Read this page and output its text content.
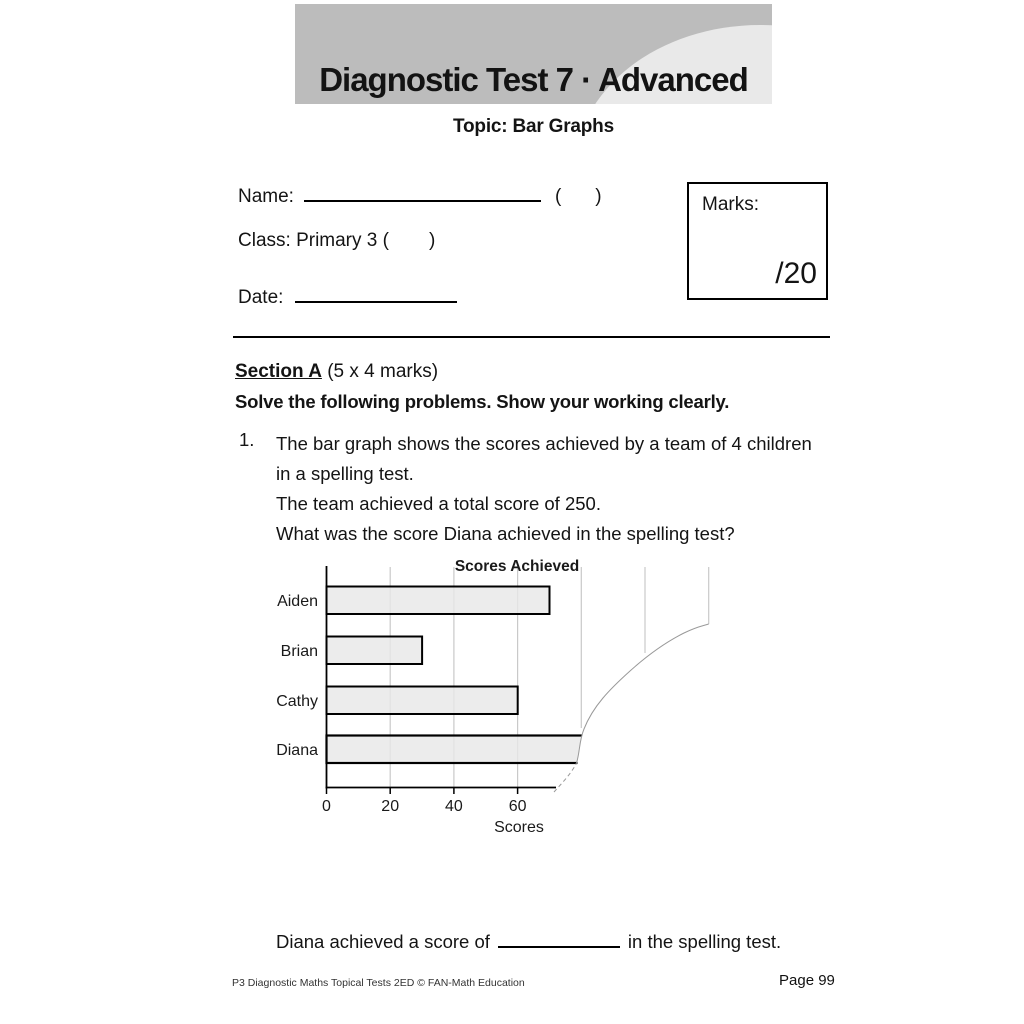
Diagnostic Test 7 · Advanced
Topic: Bar Graphs
Name:	( )	Marks:
/20
Class: Primary 3 ( )
Date:
Section A (5 x 4 marks)
Solve the following problems. Show your working clearly.
1. The bar graph shows the scores achieved by a team of 4 children
in a spelling test.
The team achieved a total score of 250.
What was the score Diana achieved in the spelling test?
Scores Achieved
Aiden
Brian
Cathy
Diana
0	20	40	60
Scores
Diana achieved a score of	in the spelling test.
P3 Diagnostic Maths Topical Tests 2ED © FAN-Math Education	Page 99
